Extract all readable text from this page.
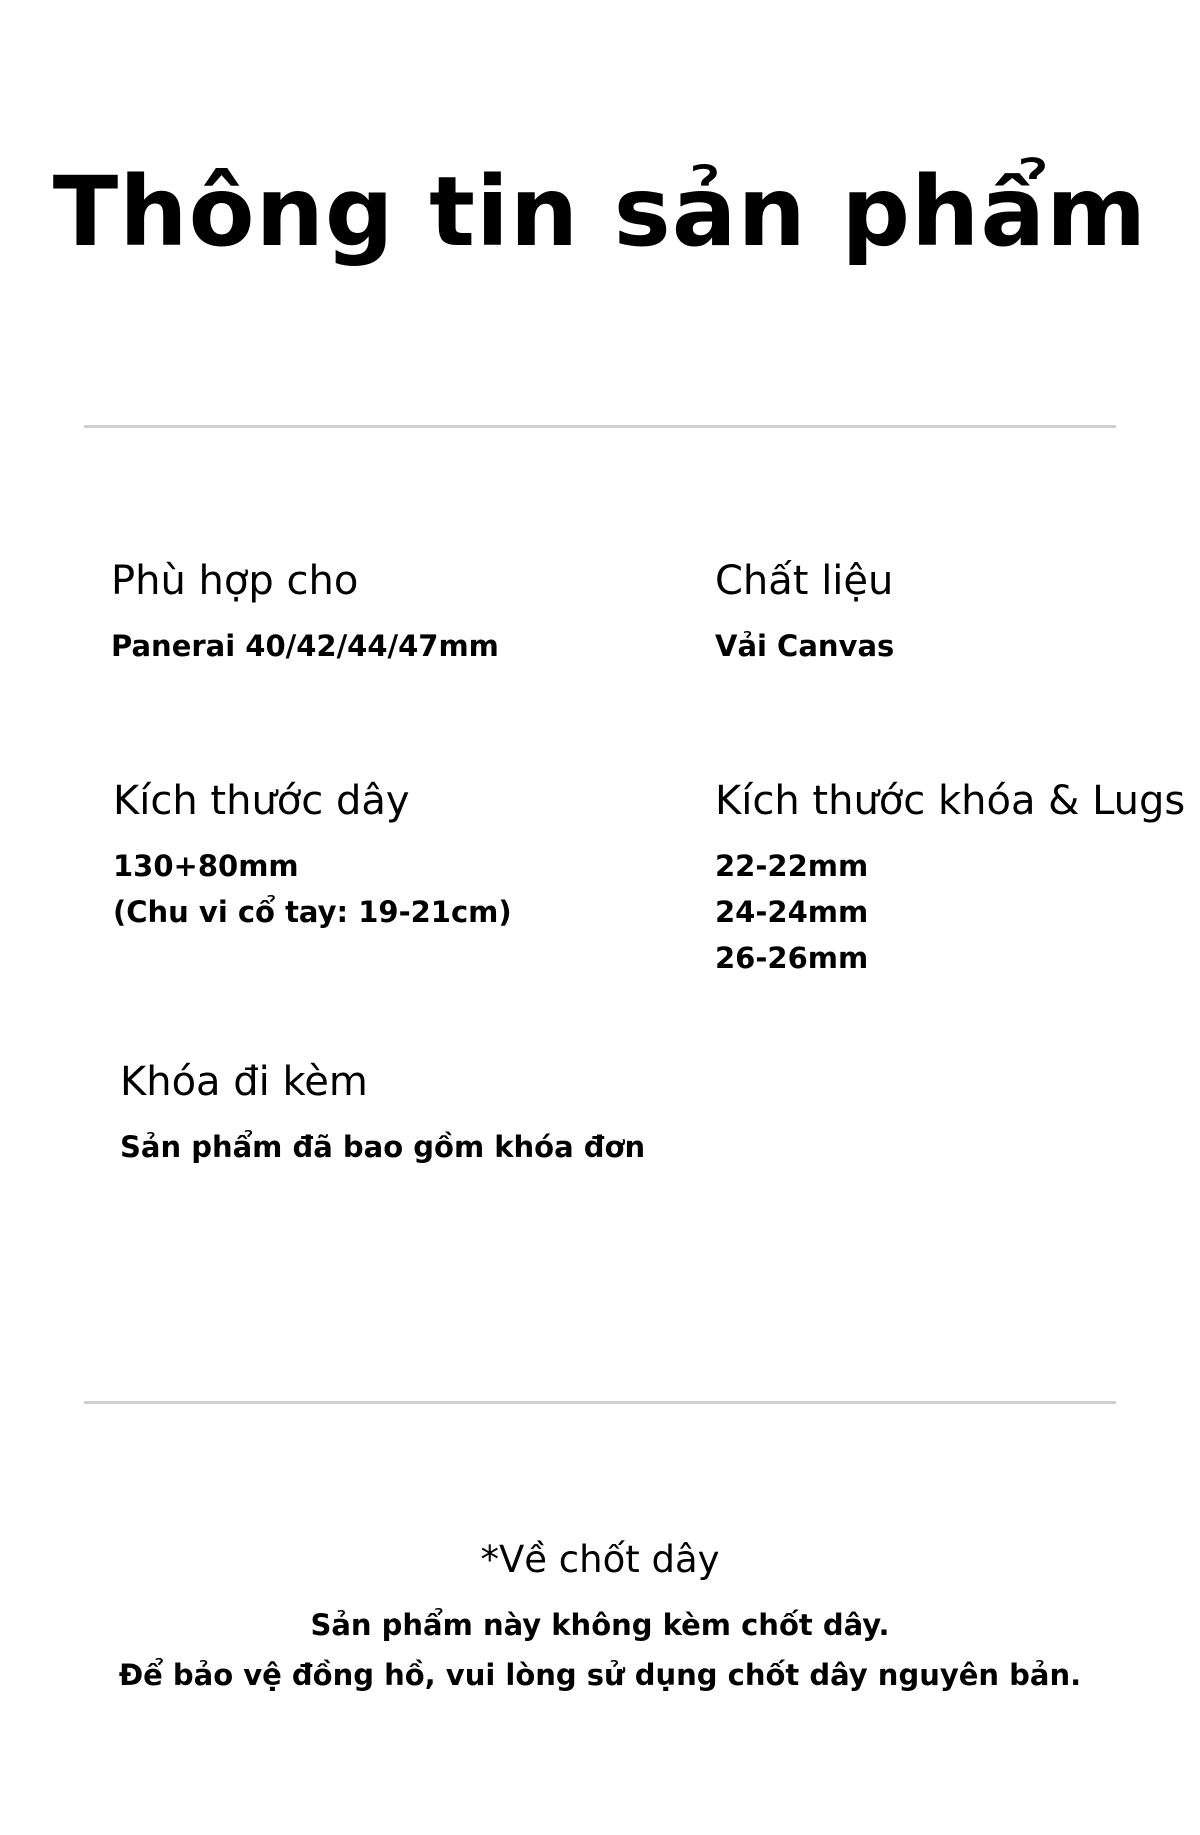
Thông tin sản phẩm
Phù hợp cho
Panerai 40/42/44/47mm
Chất liệu
Vải Canvas
Kích thước dây
130+80mm
(Chu vi cổ tay: 19-21cm)
Kích thước khóa & Lugs
22-22mm
24-24mm
26-26mm
Khóa đi kèm
Sản phẩm đã bao gồm khóa đơn
*Về chốt dây
Sản phẩm này không kèm chốt dây.
Để bảo vệ đồng hồ, vui lòng sử dụng chốt dây nguyên bản.
